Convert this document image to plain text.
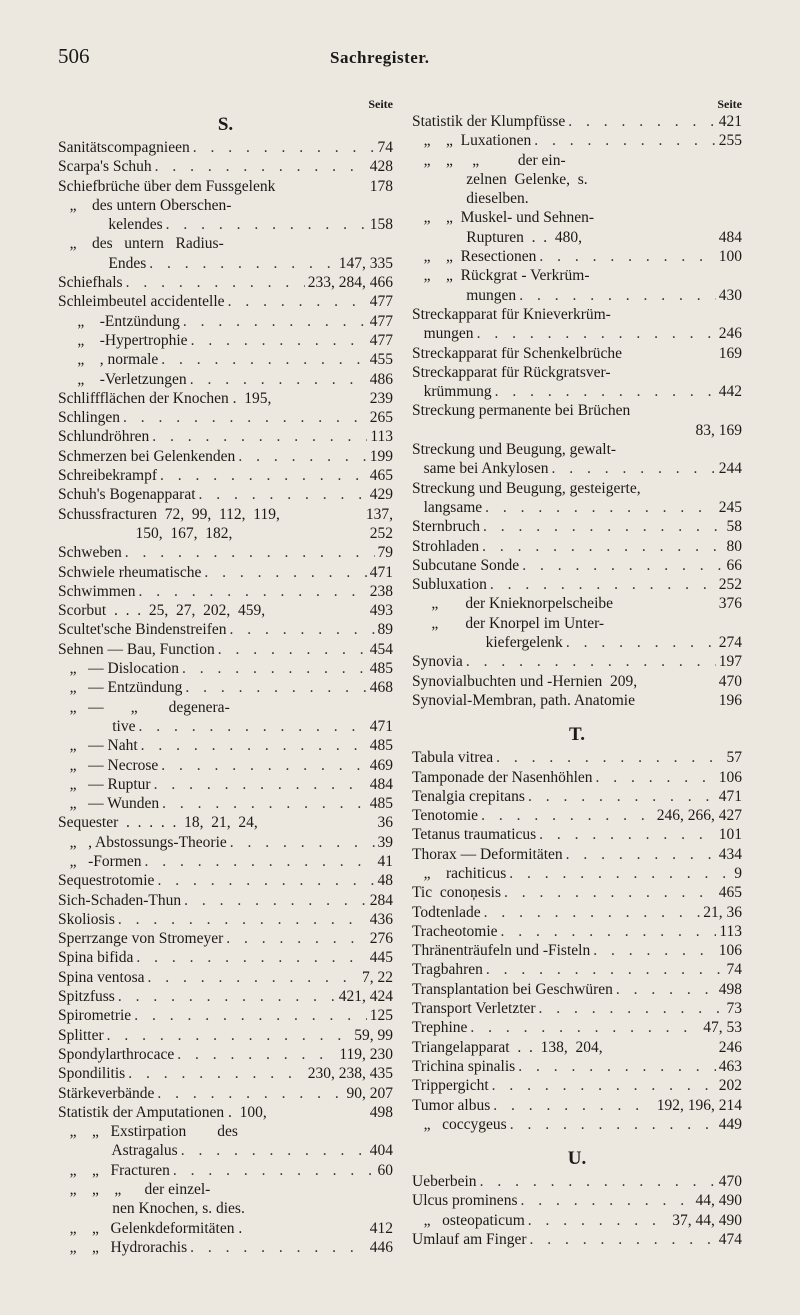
506	Sachregister.
Seite
S.
Sanitätscompagnieen . . .	74
Scarpa's Schuh . . .	428
Schiefbrüche über dem Fussgelenk	178
„    des untern Oberschen-
kelendes . . .	158
„    des   untern   Radius-
Endes . . .	147, 335
Schiefhals . . .	233, 284, 466
Schleimbeutel accidentelle . . .	477
„    -Entzündung . . .	477
„    -Hypertrophie . . .	477
„    , normale . . .	455
„    -Verletzungen . . .	486
Schliffflächen der Knochen .  195,	239
Schlingen . . .	265
Schlundröhren . . .	113
Schmerzen bei Gelenkenden . . .	199
Schreibekrampf . . .	465
Schuh's Bogenapparat . . .	429
Schussfracturen  72,  99,  112,  119,	137,
150,  167,  182,	252
Schweben . . .	79
Schwiele rheumatische . . .	471
Schwimmen . . .	238
Scorbut  .  .  .  25,  27,  202,  459,	493
Scultet'sche Bindenstreifen . . .	89
Sehnen — Bau, Function . . .	454
„   — Dislocation . . .	485
„   — Entzündung . . .	468
„   —       „        degenera-
tive . . .	471
„   — Naht . . .	485
„   — Necrose . . .	469
„   — Ruptur . . .	484
„   — Wunden . . .	485
Sequester  .  .  .  .  .  18,  21,  24,	36
„   , Abstossungs-Theorie . . .	39
„   -Formen . . .	41
Sequestrotomie . . .	48
Sich-Schaden-Thun . . .	284
Skoliosis . . .	436
Sperrzange von Stromeyer . . .	276
Spina bifida . . .	445
Spina ventosa . . .	7, 22
Spitzfuss . . .	421, 424
Spirometrie . . .	125
Splitter . . .	59, 99
Spondylarthrocace . . .	119, 230
Spondilitis . . .	230, 238, 435
Stärkeverbände . . .	90, 207
Statistik der Amputationen .  100,	498
„    „   Exstirpation        des
Astragalus . . .	404
„    „   Fracturen . . .	60
„    „    „      der einzel-
nen Knochen, s. dies.
„    „   Gelenkdeformitäten .	412
„    „   Hydrorachis . . .	446
Seite
Statistik der Klumpfüsse . . .	421
„    „  Luxationen . . .	255
„    „     „          der ein-
zelnen  Gelenke,  s.
dieselben.
„    „  Muskel- und Sehnen-
Rupturen  .  .  480,	484
„    „  Resectionen . . .	100
„    „  Rückgrat - Verkrüm-
mungen . . .	430
Streckapparat für Knieverkrüm-
mungen . . .	246
Streckapparat für Schenkelbrüche	169
Streckapparat für Rückgratsver-
krümmung . . .	442
Streckung permanente bei Brüchen
83, 169
Streckung und Beugung, gewalt-
same bei Ankylosen . . .	244
Streckung und Beugung, gesteigerte,
langsame . . .	245
Sternbruch . . .	58
Strohladen . . .	80
Subcutane Sonde . . .	66
Subluxation . . .	252
„       der Knieknorpelscheibe	376
„       der Knorpel im Unter-
kiefergelenk . . .	274
Synovia . . .	197
Synovialbuchten und -Hernien  209,	470
Synovial-Membran, path. Anatomie	196
T.
Tabula vitrea . . .	57
Tamponade der Nasenhöhlen . . .	106
Tenalgia crepitans . . .	471
Tenotomie . . .	246, 266, 427
Tetanus traumaticus . . .	101
Thorax — Deformitäten . . .	434
„    rachiticus . . .	9
Tic  conoņesis . . .	465
Todtenlade . . .	21, 36
Tracheotomie . . .	113
Thränenträufeln und -Fisteln . . .	106
Tragbahren . . .	74
Transplantation bei Geschwüren . . .	498
Transport Verletzter . . .	73
Trephine . . .	47, 53
Triangelapparat  .  .  138,  204,	246
Trichina spinalis . . .	463
Trippergicht . . .	202
Tumor albus . . .	192, 196, 214
„   coccygeus . . .	449
U.
Ueberbein . . .	470
Ulcus prominens . . .	44, 490
„   osteopaticum . . .	37, 44, 490
Umlauf am Finger . . .	474
